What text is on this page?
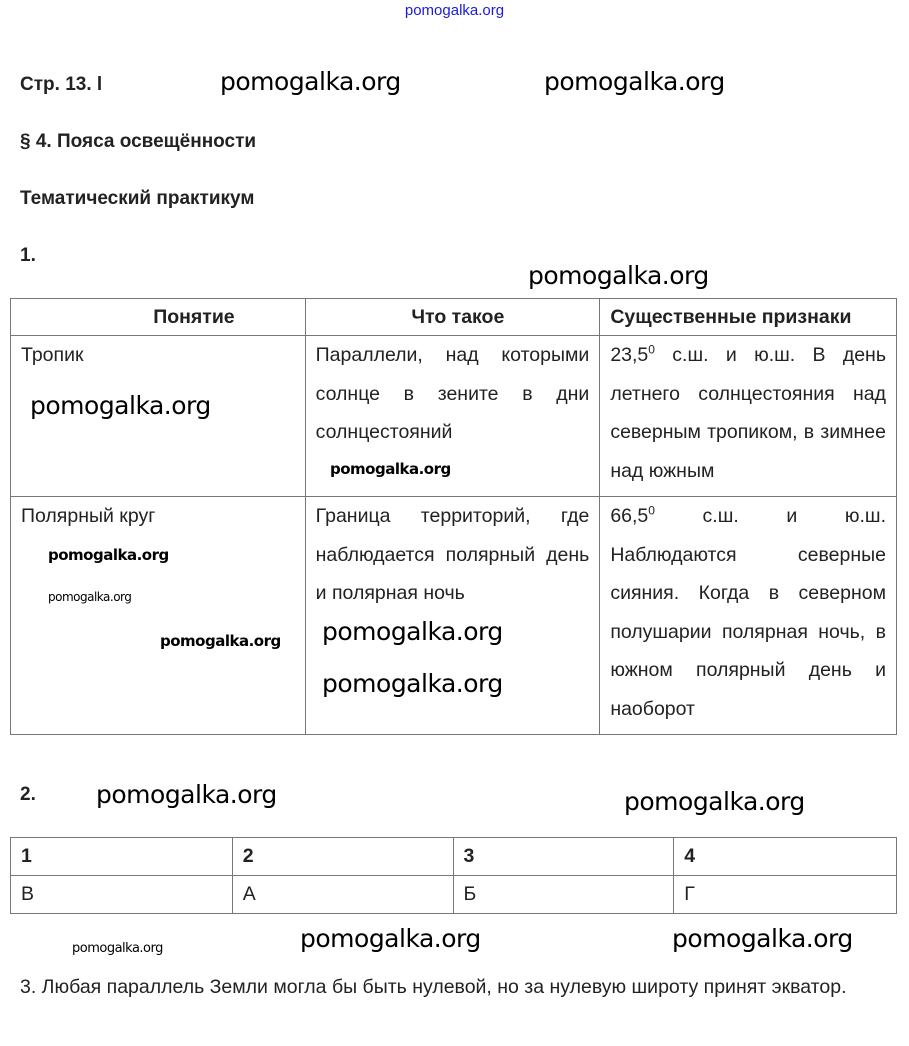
pomogalka.org
Стр. 13. l
§ 4. Пояса освещённости
Тематический практикум
1.
Понятие	Что такое	Существенные признаки
Тропик	Параллели, над которыми солнце в зените в дни солнцестояний	23,5$^0$ с.ш. и ю.ш. В день летнего солнцестояния над северным тропиком, в зимнее над южным
Полярный круг	Граница территорий, где наблюдается полярный день и полярная ночь	66,5$^0$ с.ш. и ю.ш. Наблюдаются северные сияния. Когда в северном полушарии полярная ночь, в южном полярный день и наоборот
2.
1	2	3	4
В	А	Б	Г

3. Любая параллель Земли могла бы быть нулевой, но за нулевую широту принят экватор.

pomogalka.org	pomogalka.org
pomogalka.org
pomogalka.org
pomogalka.org
pomogalka.org
pomogalka.org
pomogalka.org
pomogalka.org
pomogalka.org
pomogalka.org	pomogalka.org
pomogalka.org	pomogalka.org	pomogalka.org
